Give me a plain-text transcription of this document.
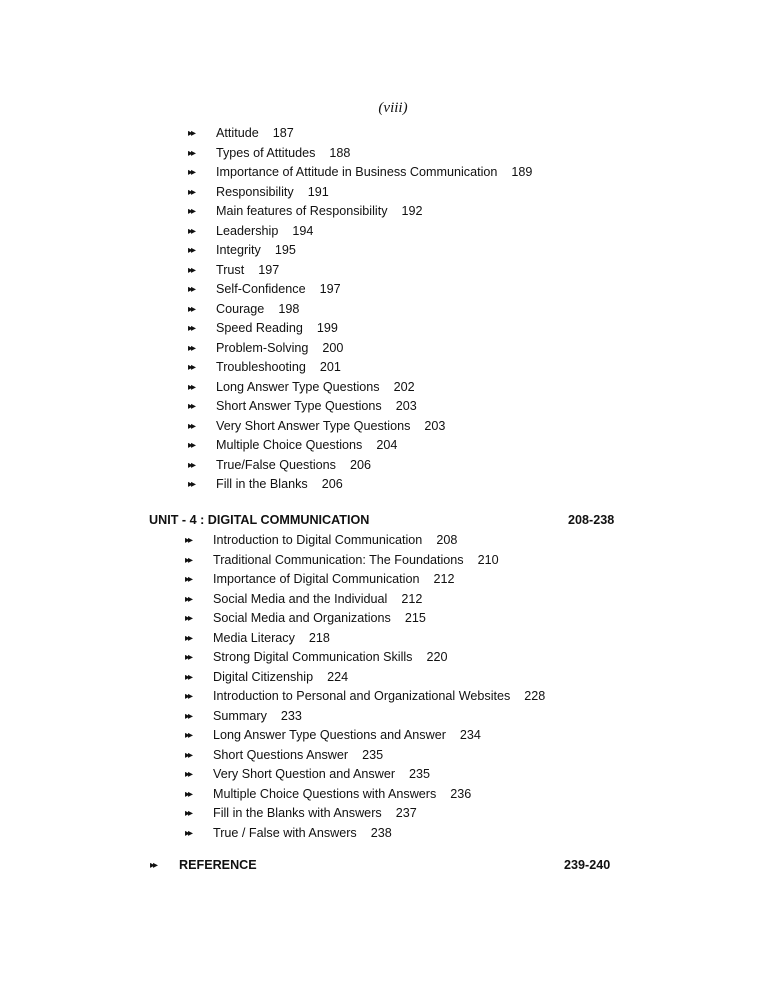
(viii)
▸▸ Attitude 187
▸▸ Types of Attitudes 188
▸▸ Importance of Attitude in Business Communication 189
▸▸ Responsibility 191
▸▸ Main features of Responsibility 192
▸▸ Leadership 194
▸▸ Integrity 195
▸▸ Trust 197
▸▸ Self-Confidence 197
▸▸ Courage 198
▸▸ Speed Reading 199
▸▸ Problem-Solving 200
▸▸ Troubleshooting 201
▸▸ Long Answer Type Questions 202
▸▸ Short Answer Type Questions 203
▸▸ Very Short Answer Type Questions 203
▸▸ Multiple Choice Questions 204
▸▸ True/False Questions 206
▸▸ Fill in the Blanks 206
UNIT - 4 : DIGITAL COMMUNICATION	208-238
▸▸ Introduction to Digital Communication 208
▸▸ Traditional Communication: The Foundations 210
▸▸ Importance of Digital Communication 212
▸▸ Social Media and the Individual 212
▸▸ Social Media and Organizations 215
▸▸ Media Literacy 218
▸▸ Strong Digital Communication Skills 220
▸▸ Digital Citizenship 224
▸▸ Introduction to Personal and Organizational Websites 228
▸▸ Summary 233
▸▸ Long Answer Type Questions and Answer 234
▸▸ Short Questions Answer 235
▸▸ Very Short Question and Answer 235
▸▸ Multiple Choice Questions with Answers 236
▸▸ Fill in the Blanks with Answers 237
▸▸ True / False with Answers 238
▸▸ REFERENCE	239-240
